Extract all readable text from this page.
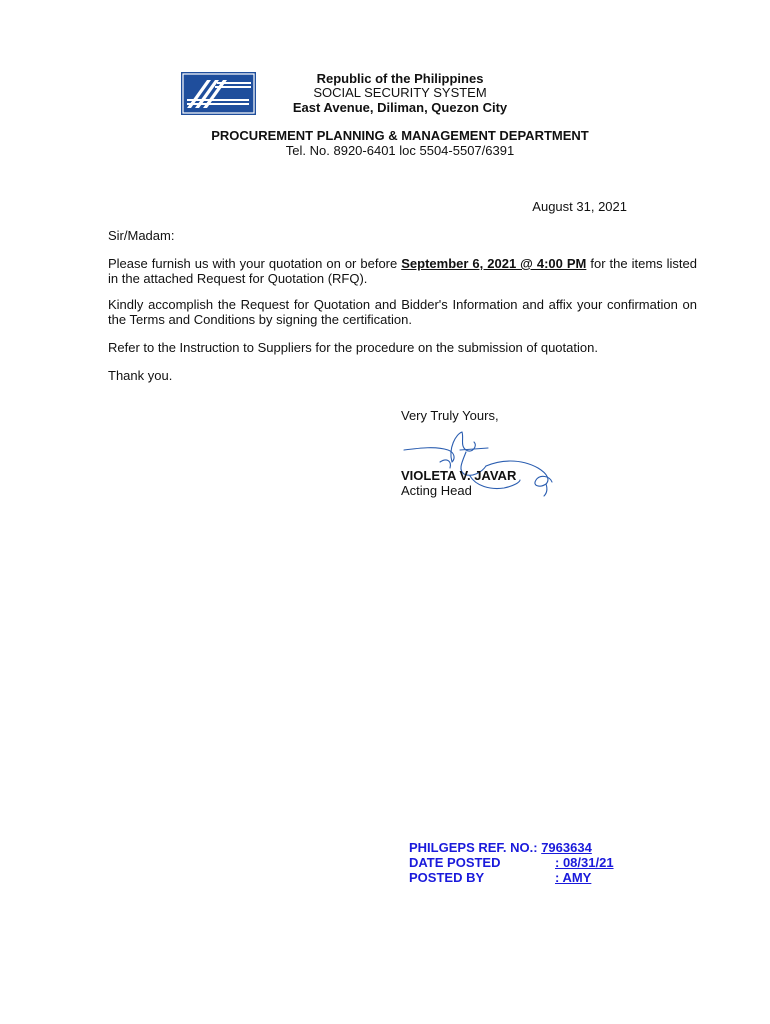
Republic of the Philippines
SOCIAL SECURITY SYSTEM
East Avenue, Diliman, Quezon City
PROCUREMENT PLANNING & MANAGEMENT DEPARTMENT
Tel. No. 8920-6401 loc 5504-5507/6391
August 31, 2021
Sir/Madam:
Please furnish us with your quotation on or before September 6, 2021 @ 4:00 PM for the items listed in the attached Request for Quotation (RFQ).
Kindly accomplish the Request for Quotation and Bidder's Information and affix your confirmation on the Terms and Conditions by signing the certification.
Refer to the Instruction to Suppliers for the procedure on the submission of quotation.
Thank you.
Very Truly Yours,
VIOLETA V. JAVAR
Acting Head
PHILGEPS REF. NO.: 7963634
DATE POSTED	: 08/31/21
POSTED BY	: AMY
